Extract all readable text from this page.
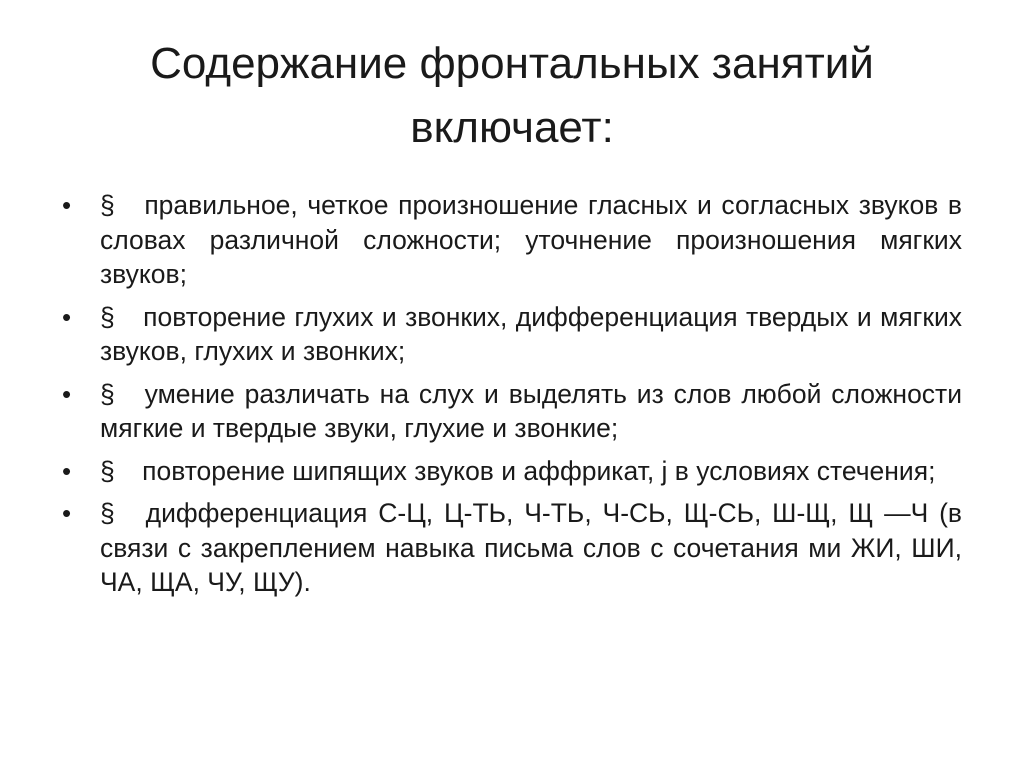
Содержание фронтальных занятий включает:
• § правильное, четкое произношение гласных и согласных звуков в словах различной сложности; уточнение произношения мягких звуков;
• § повторение глухих и звонких, дифференциация твердых и мягких звуков, глухих и звонких;
• § умение различать на слух и выделять из слов любой сложности мягкие и твердые звуки, глухие и звонкие;
• § повторение шипящих звуков и аффрикат, j в условиях стечения;
• § дифференциация С-Ц, Ц-ТЬ, Ч-ТЬ, Ч-СЬ, Щ-СЬ, Ш-Щ, Щ —Ч (в связи с закреплением навыка письма слов с сочетания ми ЖИ, ШИ, ЧА, ЩА, ЧУ, ЩУ).
